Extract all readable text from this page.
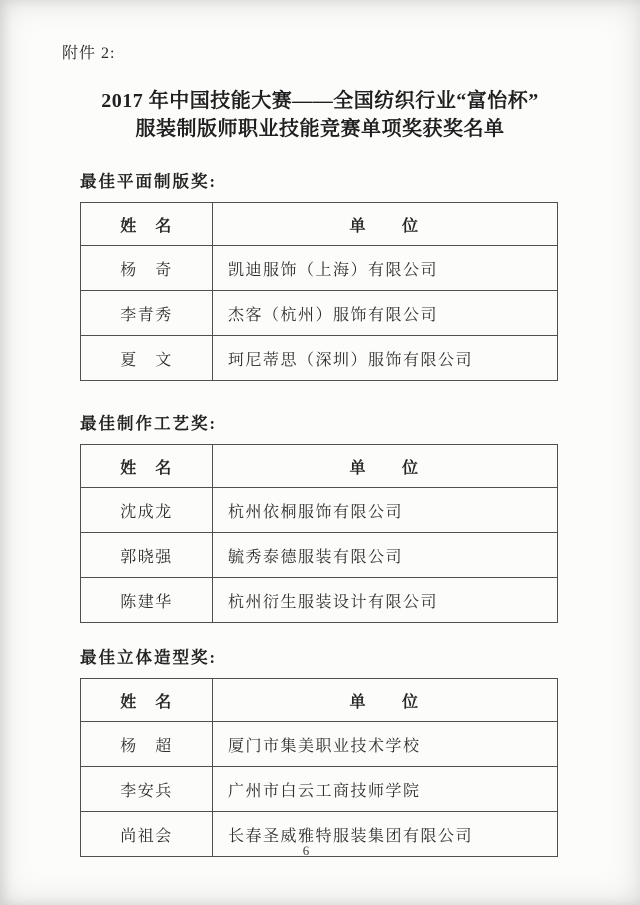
附件 2:
2017 年中国技能大赛——全国纺织行业“富怡杯”
服装制版师职业技能竞赛单项奖获奖名单
最佳平面制版奖:
姓　名	单　　位
杨　奇	凯迪服饰（上海）有限公司
李青秀	杰客（杭州）服饰有限公司
夏　文	珂尼蒂思（深圳）服饰有限公司
最佳制作工艺奖:
姓　名	单　　位
沈成龙	杭州依桐服饰有限公司
郭晓强	毓秀泰德服装有限公司
陈建华	杭州衍生服装设计有限公司
最佳立体造型奖:
姓　名	单　　位
杨　超	厦门市集美职业技术学校
李安兵	广州市白云工商技师学院
尚祖会	长春圣威雅特服装集团有限公司
6
